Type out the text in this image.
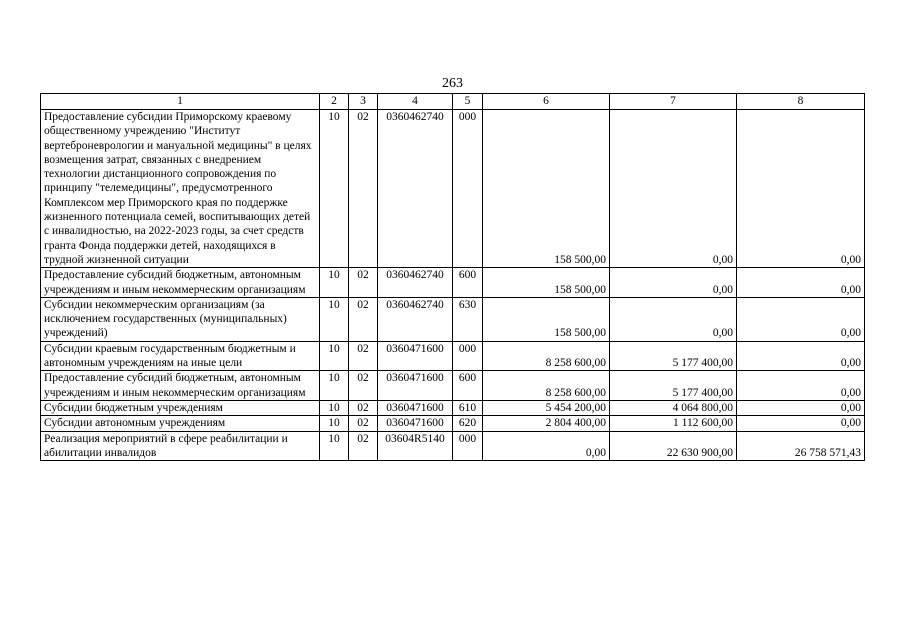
263
1	2	3	4	5	6	7	8
Предоставление субсидии Приморскому краевому общественному учреждению "Институт вертеброневрологии и мануальной медицины" в целях возмещения затрат, связанных с внедрением технологии дистанционного сопровождения по принципу "телемедицины", предусмотренного Комплексом мер Приморского края по поддержке жизненного потенциала семей, воспитывающих детей с инвалидностью, на 2022-2023 годы, за счет средств гранта Фонда поддержки детей, находящихся в трудной жизненной ситуации	10	02	0360462740	000	158 500,00	0,00	0,00

Предоставление субсидий бюджетным, автономным учреждениям и иным некоммерческим организациям	10	02	0360462740	600	158 500,00	0,00	0,00

Субсидии некоммерческим организациям (за исключением государственных (муниципальных) учреждений)	10	02	0360462740	630	158 500,00	0,00	0,00

Субсидии краевым государственным бюджетным и автономным учреждениям на иные цели	10	02	0360471600	000	8 258 600,00	5 177 400,00	0,00

Предоставление субсидий бюджетным, автономным учреждениям и иным некоммерческим организациям	10	02	0360471600	600	8 258 600,00	5 177 400,00	0,00

Субсидии бюджетным учреждениям	10	02	0360471600	610	5 454 200,00	4 064 800,00	0,00

Субсидии автономным учреждениям	10	02	0360471600	620	2 804 400,00	1 112 600,00	0,00

Реализация мероприятий в сфере реабилитации и абилитации инвалидов	10	02	03604R5140	000	0,00	22 630 900,00	26 758 571,43
